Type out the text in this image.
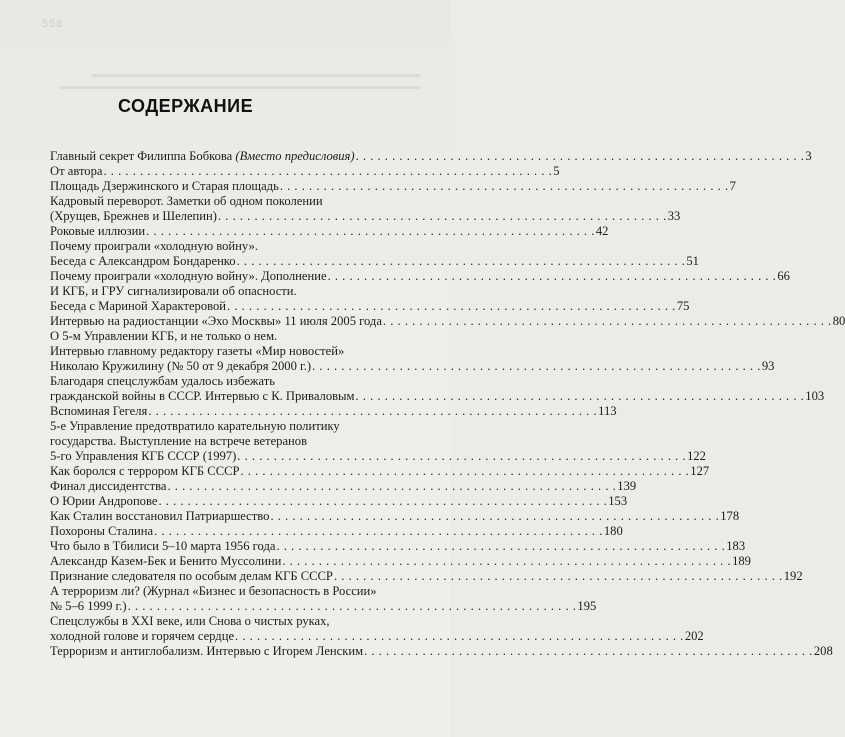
558
СОДЕРЖАНИЕ
Главный секрет Филиппа Бобкова (Вместо предисловия) . . .	3
От автора . . .	5
Площадь Дзержинского и Старая площадь . . .	7
Кадровый переворот. Заметки об одном поколении
(Хрущев, Брежнев и Шелепин) . . .	33
Роковые иллюзии . . .	42
Почему проиграли «холодную войну».
Беседа с Александром Бондаренко . . .	51
Почему проиграли «холодную войну». Дополнение . . .	66
И КГБ, и ГРУ сигнализировали об опасности.
Беседа с Мариной Характеровой . . .	75
Интервью на радиостанции «Эхо Москвы» 11 июля 2005 года . . .	80
О 5-м Управлении КГБ, и не только о нем.
Интервью главному редактору газеты «Мир новостей»
Николаю Кружилину (№ 50 от 9 декабря 2000 г.) . . .	93
Благодаря спецслужбам удалось избежать
гражданской войны в СССР. Интервью с К. Приваловым . . .	103
Вспоминая Гегеля . . .	113
5-е Управление предотвратило карательную политику
государства. Выступление на встрече ветеранов
5-го Управления КГБ СССР (1997) . . .	122
Как боролся с террором КГБ СССР . . .	127
Финал диссидентства . . .	139
О Юрии Андропове . . .	153
Как Сталин восстановил Патриаршество . . .	178
Похороны Сталина . . .	180
Что было в Тбилиси 5–10 марта 1956 года . . .	183
Александр Казем-Бек и Бенито Муссолини . . .	189
Признание следователя по особым делам КГБ СССР . . .	192
А терроризм ли? (Журнал «Бизнес и безопасность в России»
№ 5–6 1999 г.) . . .	195
Спецслужбы в XXI веке, или Снова о чистых руках,
холодной голове и горячем сердце . . .	202
Терроризм и антиглобализм. Интервью с Игорем Ленским . . .	208
